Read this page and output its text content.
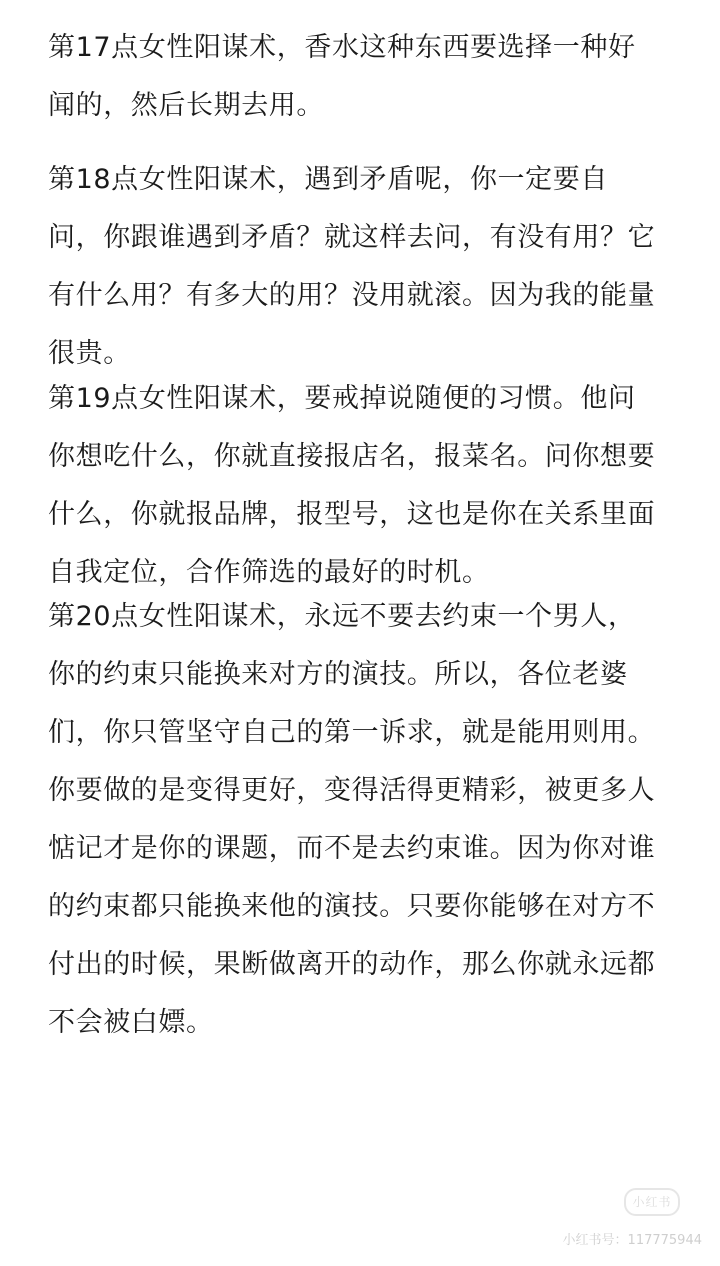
第17点女性阳谋术，香水这种东西要选择一种好
闻的，然后长期去用。
第18点女性阳谋术，遇到矛盾呢，你一定要自
问，你跟谁遇到矛盾？就这样去问，有没有用？它
有什么用？有多大的用？没用就滚。因为我的能量
很贵。
第19点女性阳谋术，要戒掉说随便的习惯。他问
你想吃什么，你就直接报店名，报菜名。问你想要
什么，你就报品牌，报型号，这也是你在关系里面
自我定位，合作筛选的最好的时机。
第20点女性阳谋术，永远不要去约束一个男人，
你的约束只能换来对方的演技。所以，各位老婆
们，你只管坚守自己的第一诉求，就是能用则用。
你要做的是变得更好，变得活得更精彩，被更多人
惦记才是你的课题，而不是去约束谁。因为你对谁
的约束都只能换来他的演技。只要你能够在对方不
付出的时候，果断做离开的动作，那么你就永远都
不会被白嫖。
小红书
小红书号：117775944
